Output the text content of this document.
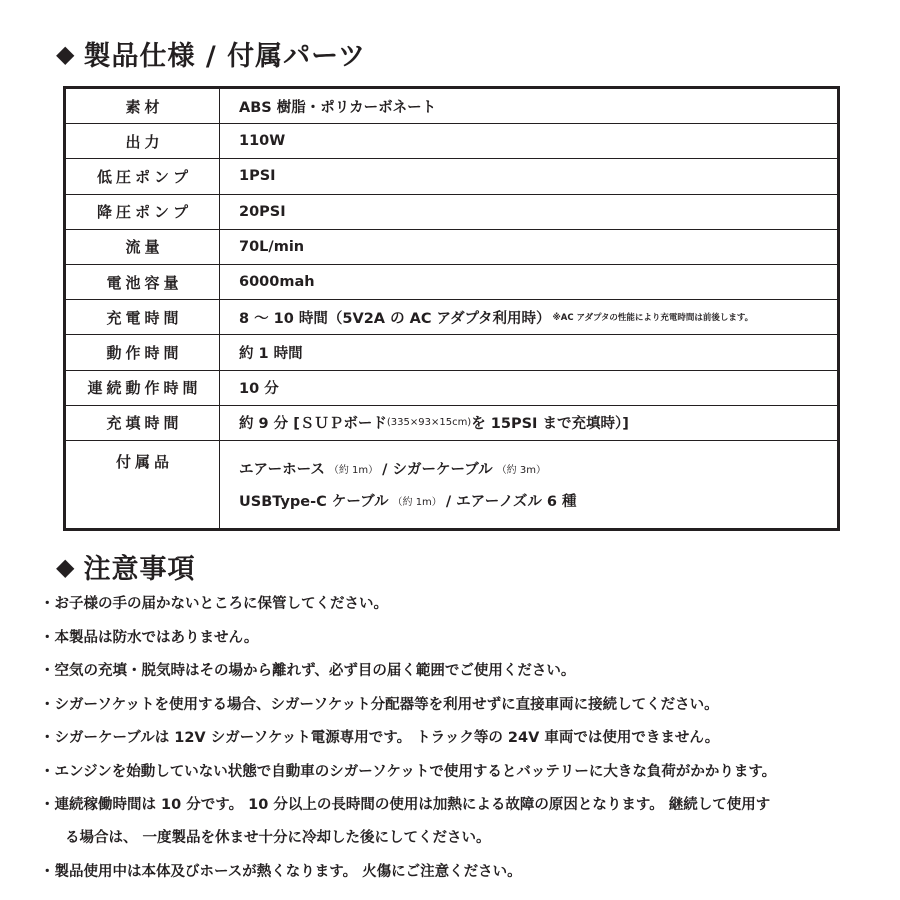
◆ 製品仕様 / 付属パーツ
素材	ABS 樹脂・ポリカーボネート
出力	110W
低圧ポンプ	1PSI
降圧ポンプ	20PSI
流量	70L/min
電池容量	6000mah
充電時間	8 ～ 10 時間（5V2A の AC アダプタ利用時） ※AC アダプタの性能により充電時間は前後します。
動作時間	約 1 時間
連続動作時間	10 分
充填時間	約 9 分 [ＳＵＰボード (335×93×15cm) を 15PSI まで充填時）]
付属品	エアーホース （約 1m） / シガーケーブル （約 3m）
USBType-C ケーブル （約 1m） / エアーノズル 6 種
◆ 注意事項
・お子様の手の届かないところに保管してください。
・本製品は防水ではありません。
・空気の充填・脱気時はその場から離れず、必ず目の届く範囲でご使用ください。
・シガーソケットを使用する場合、シガーソケット分配器等を利用せずに直接車両に接続してください。
・シガーケーブルは 12V シガーソケット電源専用です。 トラック等の 24V 車両では使用できません。
・エンジンを始動していない状態で自動車のシガーソケットで使用するとバッテリーに大きな負荷がかかります。
・連続稼働時間は 10 分です。 10 分以上の長時間の使用は加熱による故障の原因となります。 継続して使用す
る場合は、 一度製品を休ませ十分に冷却した後にしてください。
・製品使用中は本体及びホースが熱くなります。 火傷にご注意ください。
